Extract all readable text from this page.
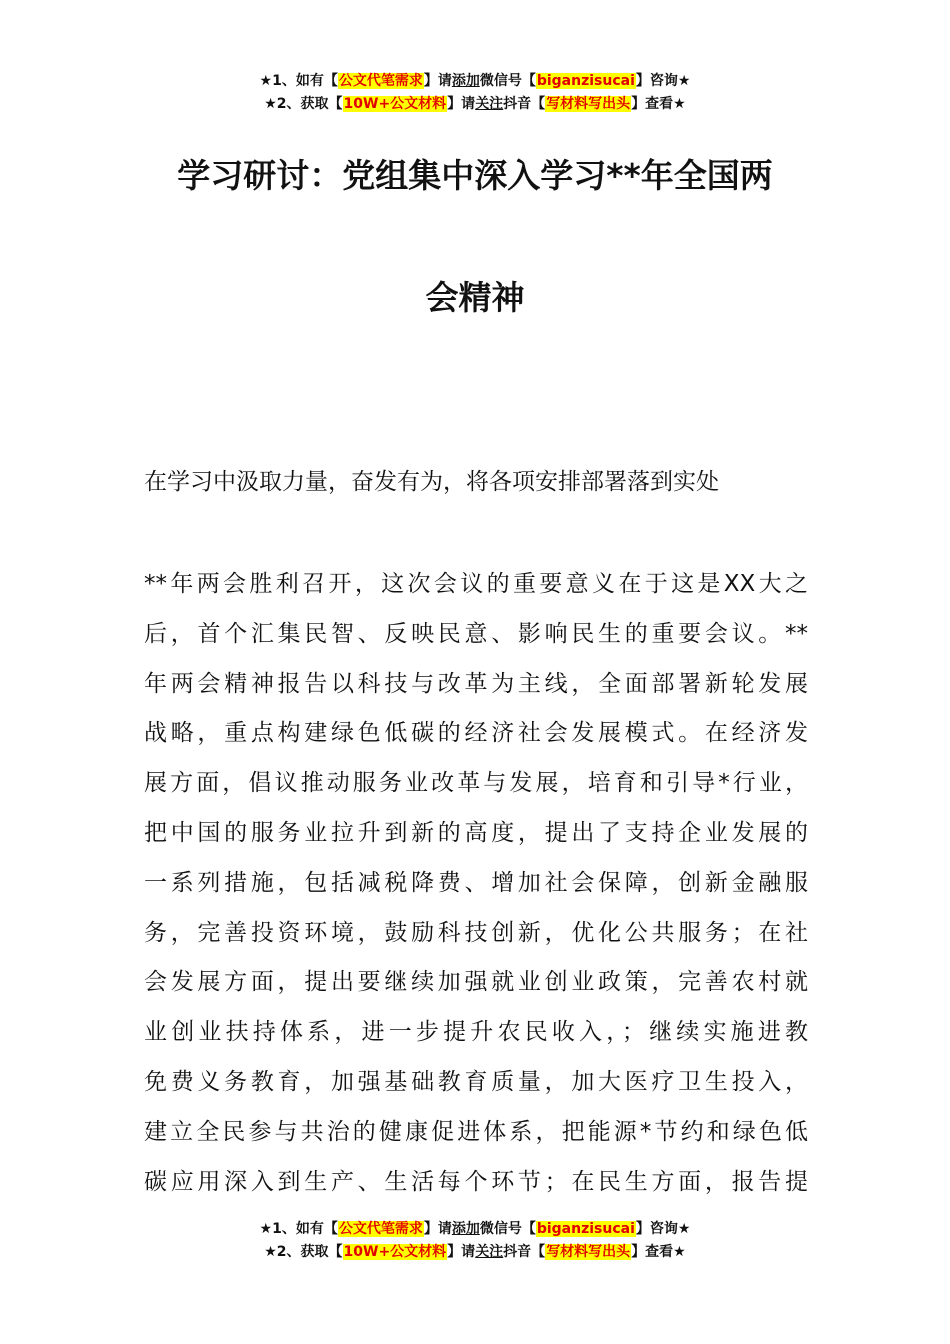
★1、如有【公文代笔需求】请添加微信号【biganzisucai】咨询★
★2、获取【10W+公文材料】请关注抖音【写材料写出头】查看★
学习研讨：党组集中深入学习**年全国两
会精神
在学习中汲取力量，奋发有为，将各项安排部署落到实处
**年两会胜利召开，这次会议的重要意义在于这是XX大之
后，首个汇集民智、反映民意、影响民生的重要会议。**
年两会精神报告以科技与改革为主线，全面部署新轮发展
战略，重点构建绿色低碳的经济社会发展模式。在经济发
展方面，倡议推动服务业改革与发展，培育和引导*行业，
把中国的服务业拉升到新的高度，提出了支持企业发展的
一系列措施，包括减税降费、增加社会保障，创新金融服
务，完善投资环境，鼓励科技创新，优化公共服务；在社
会发展方面，提出要继续加强就业创业政策，完善农村就
业创业扶持体系，进一步提升农民收入，；继续实施进教
免费义务教育，加强基础教育质量，加大医疗卫生投入，
建立全民参与共治的健康促进体系，把能源*节约和绿色低
碳应用深入到生产、生活每个环节；在民生方面，报告提
★1、如有【公文代笔需求】请添加微信号【biganzisucai】咨询★
★2、获取【10W+公文材料】请关注抖音【写材料写出头】查看★
